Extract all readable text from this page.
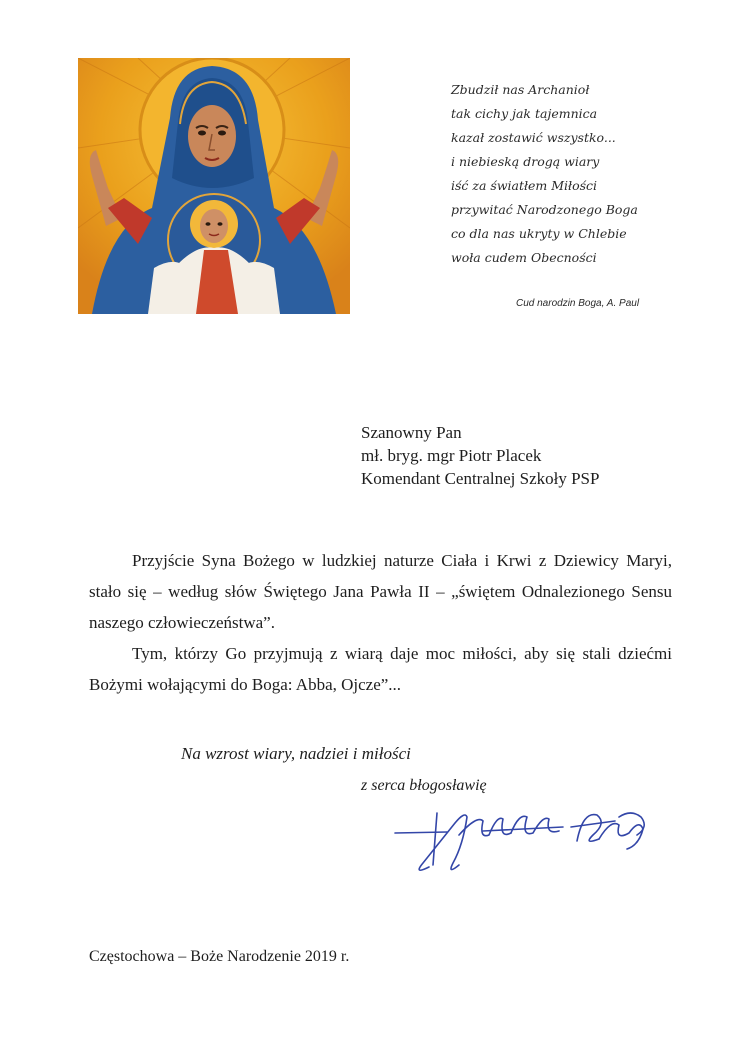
Zbudził nas Archanioł
tak cichy jak tajemnica
kazał zostawić wszystko...
i niebieską drogą wiary
iść za światłem Miłości
przywitać Narodzonego Boga
co dla nas ukryty w Chlebie
woła cudem Obecności
Cud narodzin Boga, A. Paul
Szanowny Pan
mł. bryg. mgr Piotr Placek
Komendant Centralnej Szkoły PSP

Przyjście Syna Bożego w ludzkiej naturze Ciała i Krwi z Dziewicy Maryi, stało się – według słów Świętego Jana Pawła II – „świętem Odnalezionego Sensu naszego człowieczeństwa”.

Tym, którzy Go przyjmują z wiarą daje moc miłości, aby się stali dziećmi Bożymi wołającymi do Boga: Abba, Ojcze”...

Na wzrost wiary, nadziei i miłości
z serca błogosławię
Częstochowa – Boże Narodzenie 2019 r.
